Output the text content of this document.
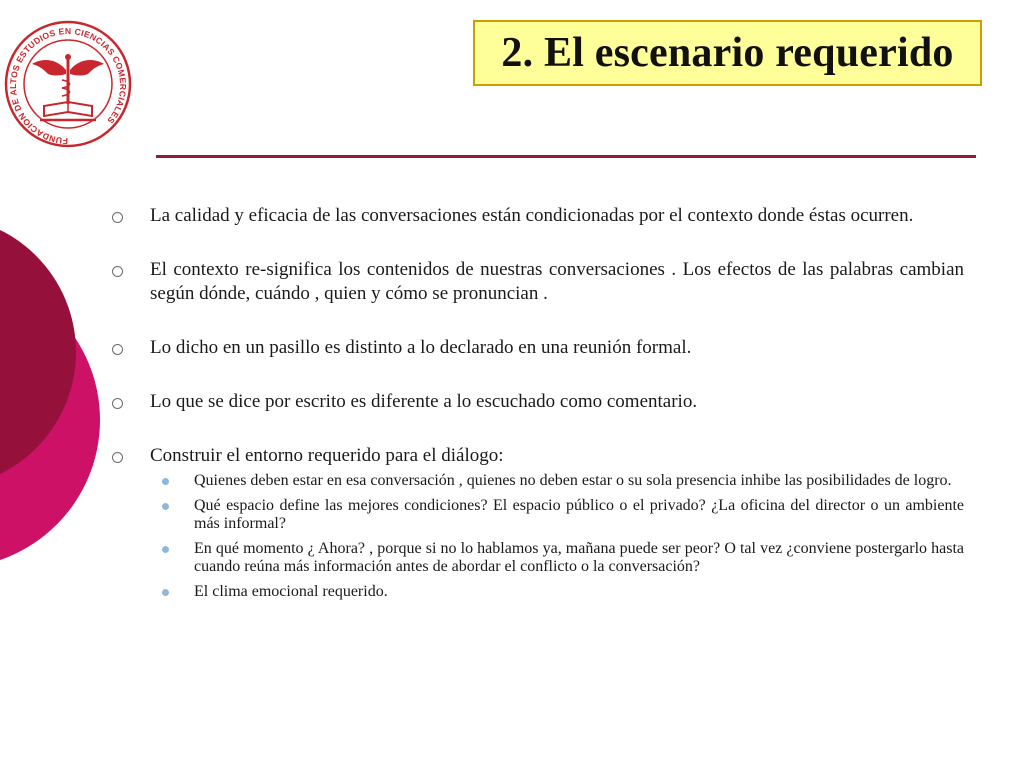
FUNDACION DE ALTOS ESTUDIOS EN CIENCIAS COMERCIALES
2. El escenario requerido
La calidad y eficacia de las conversaciones están condicionadas por el contexto donde éstas ocurren.
El contexto re-significa los contenidos de nuestras conversaciones . Los efectos de las palabras cambian según dónde, cuándo , quien y cómo se pronuncian .
Lo dicho en un pasillo es distinto a lo declarado en una reunión formal.
Lo que se dice por escrito es diferente a lo escuchado como comentario.
Construir el entorno requerido para el diálogo:
Quienes deben estar en esa conversación , quienes no deben estar o su sola presencia inhibe las posibilidades de logro.
Qué espacio define las mejores condiciones? El espacio público o el privado? ¿La oficina del director o un ambiente más informal?
En qué momento ¿ Ahora? , porque si no lo hablamos ya, mañana puede ser peor? O tal vez ¿conviene postergarlo hasta cuando reúna más información antes de abordar el conflicto o la conversación?
El clima emocional requerido.
